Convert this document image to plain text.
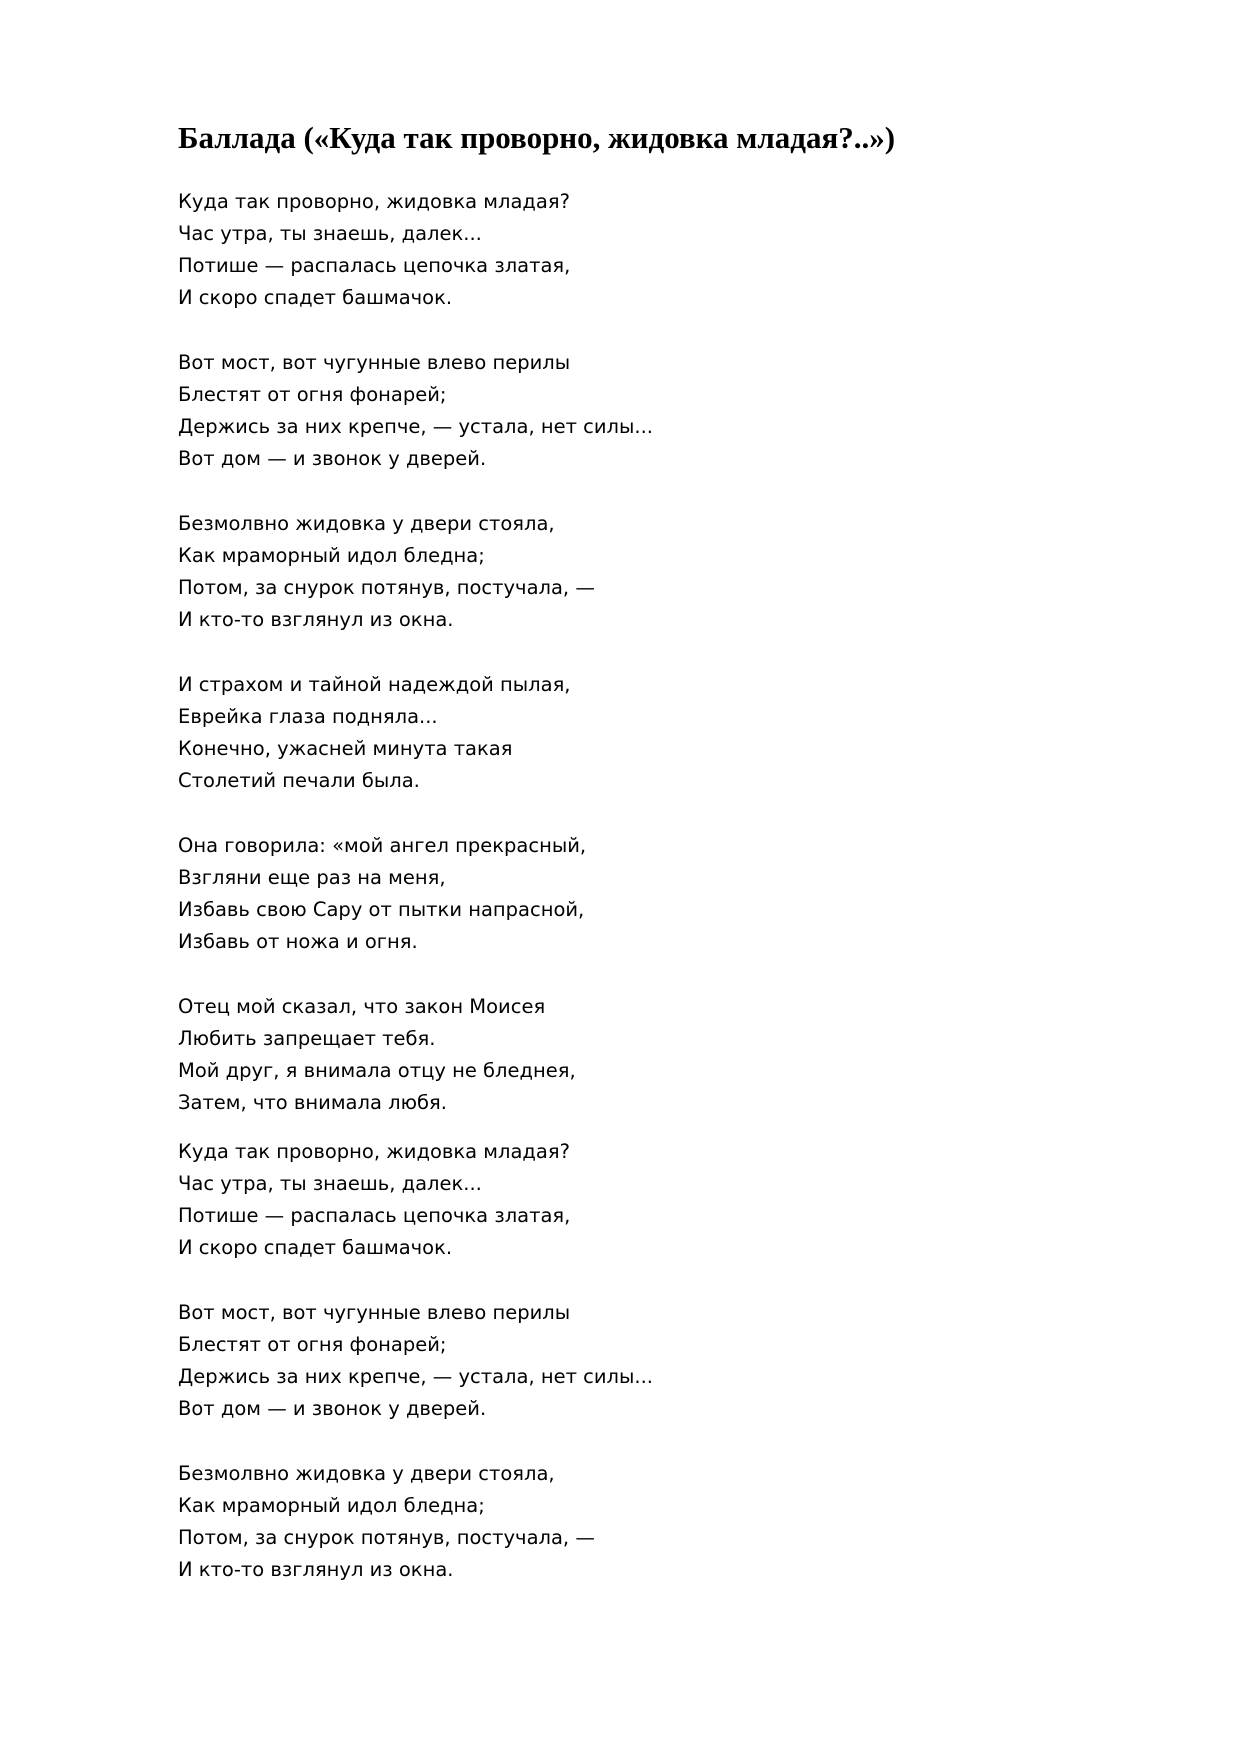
Баллада («Куда так проворно, жидовка младая?..»)

Куда так проворно, жидовка младая?
Час утра, ты знаешь, далек...
Потише — распалась цепочка златая,
И скоро спадет башмачок.

Вот мост, вот чугунные влево перилы
Блестят от огня фонарей;
Держись за них крепче, — устала, нет силы...
Вот дом — и звонок у дверей.

Безмолвно жидовка у двери стояла,
Как мраморный идол бледна;
Потом, за снурок потянув, постучала, —
И кто-то взглянул из окна.

И страхом и тайной надеждой пылая,
Еврейка глаза подняла...
Конечно, ужасней минута такая
Столетий печали была.

Она говорила: «мой ангел прекрасный,
Взгляни еще раз на меня,
Избавь свою Сару от пытки напрасной,
Избавь от ножа и огня.

Отец мой сказал, что закон Моисея
Любить запрещает тебя.
Мой друг, я внимала отцу не бледнея,
Затем, что внимала любя.

Куда так проворно, жидовка младая?
Час утра, ты знаешь, далек...
Потише — распалась цепочка златая,
И скоро спадет башмачок.

Вот мост, вот чугунные влево перилы
Блестят от огня фонарей;
Держись за них крепче, — устала, нет силы...
Вот дом — и звонок у дверей.

Безмолвно жидовка у двери стояла,
Как мраморный идол бледна;
Потом, за снурок потянув, постучала, —
И кто-то взглянул из окна.
